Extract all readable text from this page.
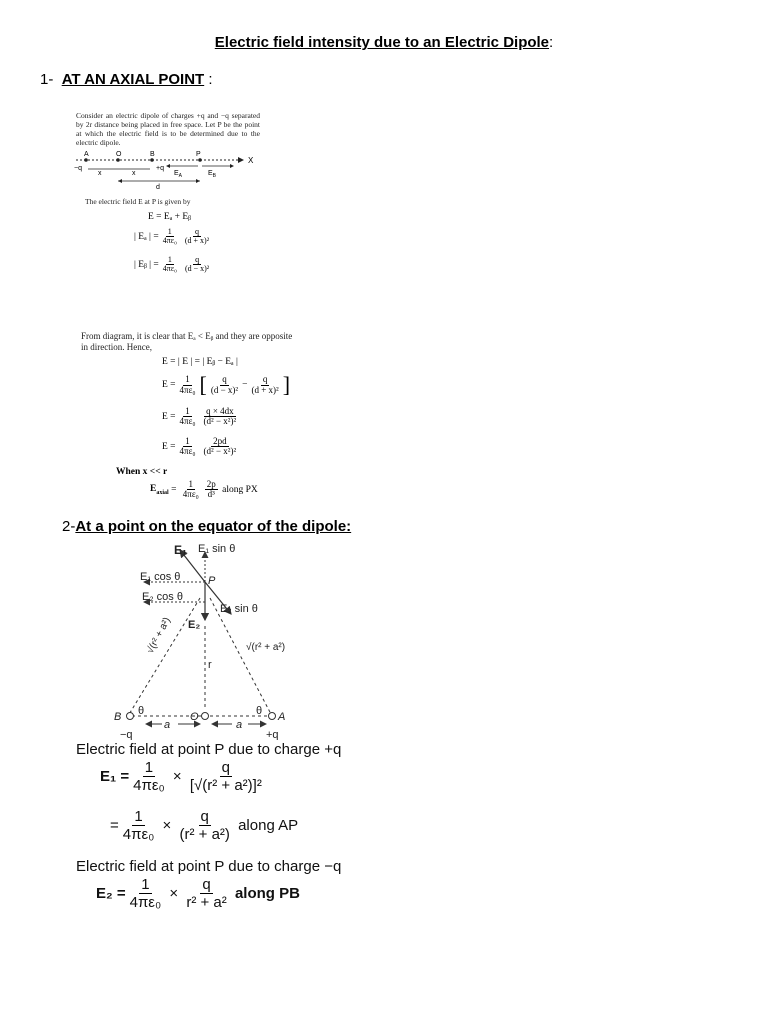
Electric field intensity due to an Electric Dipole:
1- AT AN AXIAL POINT :
Consider an electric dipole of charges +q and −q separated by 2r distance being placed in free space. Let P be the point at which the electric field is to be determined due to the electric dipole.
X
A	O	B
−q	+q
P
x	x	$E_A$	$E_B$
d
The electric field E at P is given by
E = Eₐ + Eᵦ
| Eₐ | = $\frac{1}{\text{4πε₀}} \frac{q}{\text{(d + x)²}}$
| Eᵦ | = $\frac{1}{\text{4πε₀}} \frac{q}{\text{(d − x)²}}$
From diagram, it is clear that Eₐ < Eᵦ and they are opposite in direction. Hence,
E = | E | = | Eᵦ − Eₐ |
$E = \frac{1}{\text{4πε₀}}$ [ $\frac{q}{\text{(d − x)²}} - \frac{q}{\text{(d + x)²}}$ ]
$E = \frac{1}{\text{4πε₀}} \frac{q \times 4dx}{\text{(d² − x²)²}}$
$E = \frac{1}{\text{4πε₀}} \frac{2pd}{\text{(d² − x²)²}}$
When x << r
$E_{axial} = \frac{1}{\text{4πε₀}} \frac{2p}{\text{d³}}$
along PX
2-At a point on the equator of the dipole:
E₁ E₁ sin θ
E₁ cos θ	P
E₂ cos θ
E₂ sin θ
E₂
r
√(r² + a²)	√(r² + a²)
B θ	θ A
O
a	a
−q	+q
Electric field at point P due to charge +q
$E_1 = \frac{1}{\text{4πε₀}}$
×
$\frac{q}{\text{[√(r² + a²)]²}}$
= $\frac{1}{\text{4πε₀}}$
×
$\frac{q}{\text{(r² + a²)}}$
along AP
Electric field at point P due to charge −q
$E_2 = \frac{1}{\text{4πε₀}}$
×
$\frac{q}{\text{r² + a²}}$
along PB
